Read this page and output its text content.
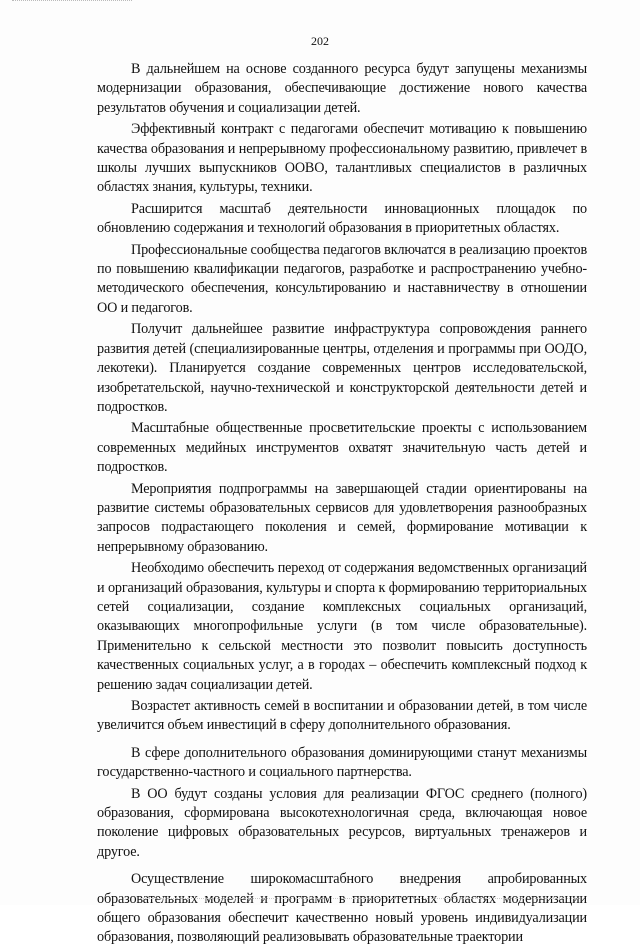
202

В дальнейшем на основе созданного ресурса будут запущены механизмы модернизации образования, обеспечивающие достижение нового качества результатов обучения и социализации детей.

Эффективный контракт с педагогами обеспечит мотивацию к повышению качества образования и непрерывному профессиональному развитию, привлечет в школы лучших выпускников ООВО, талантливых специалистов в различных областях знания, культуры, техники.

Расширится масштаб деятельности инновационных площадок по обновлению содержания и технологий образования в приоритетных областях.

Профессиональные сообщества педагогов включатся в реализацию проектов по повышению квалификации педагогов, разработке и распространению учебно-методического обеспечения, консультированию и наставничеству в отношении ОО и педагогов.

Получит дальнейшее развитие инфраструктура сопровождения раннего развития детей (специализированные центры, отделения и программы при ООДО, лекотеки). Планируется создание современных центров исследовательской, изобретательской, научно-технической и конструкторской деятельности детей и подростков.

Масштабные общественные просветительские проекты с использованием современных медийных инструментов охватят значительную часть детей и подростков.

Мероприятия подпрограммы на завершающей стадии ориентированы на развитие системы образовательных сервисов для удовлетворения разнообразных запросов подрастающего поколения и семей, формирование мотивации к непрерывному образованию.

Необходимо обеспечить переход от содержания ведомственных организаций и организаций образования, культуры и спорта к формированию территориальных сетей социализации, создание комплексных социальных организаций, оказывающих многопрофильные услуги (в том числе образовательные). Применительно к сельской местности это позволит повысить доступность качественных социальных услуг, а в городах – обеспечить комплексный подход к решению задач социализации детей.

Возрастет активность семей в воспитании и образовании детей, в том числе увеличится объем инвестиций в сферу дополнительного образования.

В сфере дополнительного образования доминирующими станут механизмы государственно-частного и социального партнерства.

В ОО будут созданы условия для реализации ФГОС среднего (полного) образования, сформирована высокотехнологичная среда, включающая новое поколение цифровых образовательных ресурсов, виртуальных тренажеров и другое.

Осуществление широкомасштабного внедрения апробированных образовательных моделей и программ в приоритетных областях модернизации общего образования обеспечит качественно новый уровень индивидуализации образования, позволяющий реализовывать образовательные траектории
